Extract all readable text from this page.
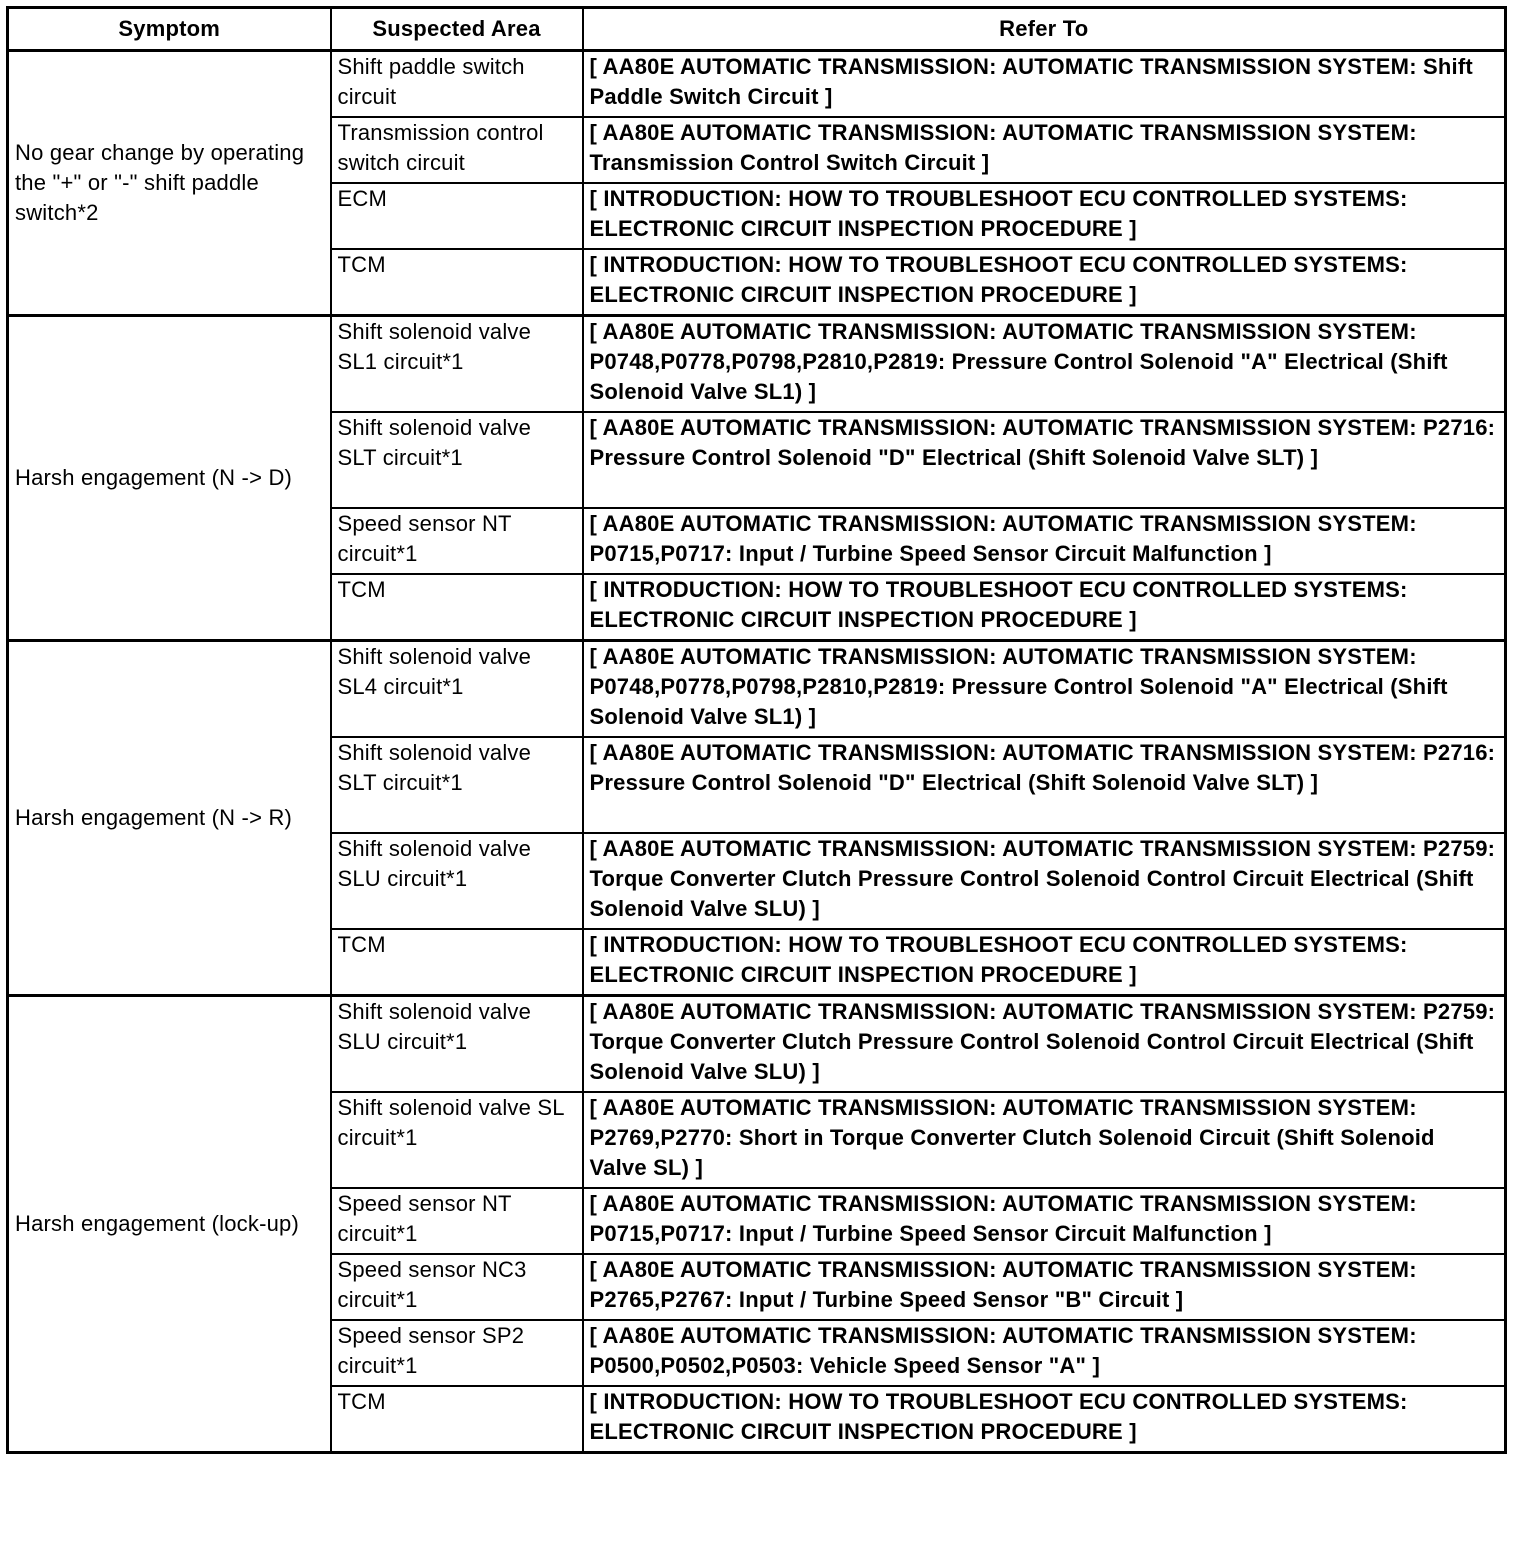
Symptom	Suspected Area	Refer To
No gear change by operating the "+" or "-" shift paddle switch*2	Shift paddle switch circuit	[ AA80E AUTOMATIC TRANSMISSION: AUTOMATIC TRANSMISSION SYSTEM: Shift Paddle Switch Circuit ]
	Transmission control switch circuit	[ AA80E AUTOMATIC TRANSMISSION: AUTOMATIC TRANSMISSION SYSTEM: Transmission Control Switch Circuit ]
	ECM	[ INTRODUCTION: HOW TO TROUBLESHOOT ECU CONTROLLED SYSTEMS: ELECTRONIC CIRCUIT INSPECTION PROCEDURE ]
	TCM	[ INTRODUCTION: HOW TO TROUBLESHOOT ECU CONTROLLED SYSTEMS: ELECTRONIC CIRCUIT INSPECTION PROCEDURE ]
Harsh engagement (N -> D)	Shift solenoid valve SL1 circuit*1	[ AA80E AUTOMATIC TRANSMISSION: AUTOMATIC TRANSMISSION SYSTEM: P0748,P0778,P0798,P2810,P2819: Pressure Control Solenoid "A" Electrical (Shift Solenoid Valve SL1) ]
	Shift solenoid valve SLT circuit*1	[ AA80E AUTOMATIC TRANSMISSION: AUTOMATIC TRANSMISSION SYSTEM: P2716: Pressure Control Solenoid "D" Electrical (Shift Solenoid Valve SLT) ]
	Speed sensor NT circuit*1	[ AA80E AUTOMATIC TRANSMISSION: AUTOMATIC TRANSMISSION SYSTEM: P0715,P0717: Input / Turbine Speed Sensor Circuit Malfunction ]
	TCM	[ INTRODUCTION: HOW TO TROUBLESHOOT ECU CONTROLLED SYSTEMS: ELECTRONIC CIRCUIT INSPECTION PROCEDURE ]
Harsh engagement (N -> R)	Shift solenoid valve SL4 circuit*1	[ AA80E AUTOMATIC TRANSMISSION: AUTOMATIC TRANSMISSION SYSTEM: P0748,P0778,P0798,P2810,P2819: Pressure Control Solenoid "A" Electrical (Shift Solenoid Valve SL1) ]
	Shift solenoid valve SLT circuit*1	[ AA80E AUTOMATIC TRANSMISSION: AUTOMATIC TRANSMISSION SYSTEM: P2716: Pressure Control Solenoid "D" Electrical (Shift Solenoid Valve SLT) ]
	Shift solenoid valve SLU circuit*1	[ AA80E AUTOMATIC TRANSMISSION: AUTOMATIC TRANSMISSION SYSTEM: P2759: Torque Converter Clutch Pressure Control Solenoid Control Circuit Electrical (Shift Solenoid Valve SLU) ]
	TCM	[ INTRODUCTION: HOW TO TROUBLESHOOT ECU CONTROLLED SYSTEMS: ELECTRONIC CIRCUIT INSPECTION PROCEDURE ]
Harsh engagement (lock-up)	Shift solenoid valve SLU circuit*1	[ AA80E AUTOMATIC TRANSMISSION: AUTOMATIC TRANSMISSION SYSTEM: P2759: Torque Converter Clutch Pressure Control Solenoid Control Circuit Electrical (Shift Solenoid Valve SLU) ]
	Shift solenoid valve SL circuit*1	[ AA80E AUTOMATIC TRANSMISSION: AUTOMATIC TRANSMISSION SYSTEM: P2769,P2770: Short in Torque Converter Clutch Solenoid Circuit (Shift Solenoid Valve SL) ]
	Speed sensor NT circuit*1	[ AA80E AUTOMATIC TRANSMISSION: AUTOMATIC TRANSMISSION SYSTEM: P0715,P0717: Input / Turbine Speed Sensor Circuit Malfunction ]
	Speed sensor NC3 circuit*1	[ AA80E AUTOMATIC TRANSMISSION: AUTOMATIC TRANSMISSION SYSTEM: P2765,P2767: Input / Turbine Speed Sensor "B" Circuit ]
	Speed sensor SP2 circuit*1	[ AA80E AUTOMATIC TRANSMISSION: AUTOMATIC TRANSMISSION SYSTEM: P0500,P0502,P0503: Vehicle Speed Sensor "A" ]
	TCM	[ INTRODUCTION: HOW TO TROUBLESHOOT ECU CONTROLLED SYSTEMS: ELECTRONIC CIRCUIT INSPECTION PROCEDURE ]
